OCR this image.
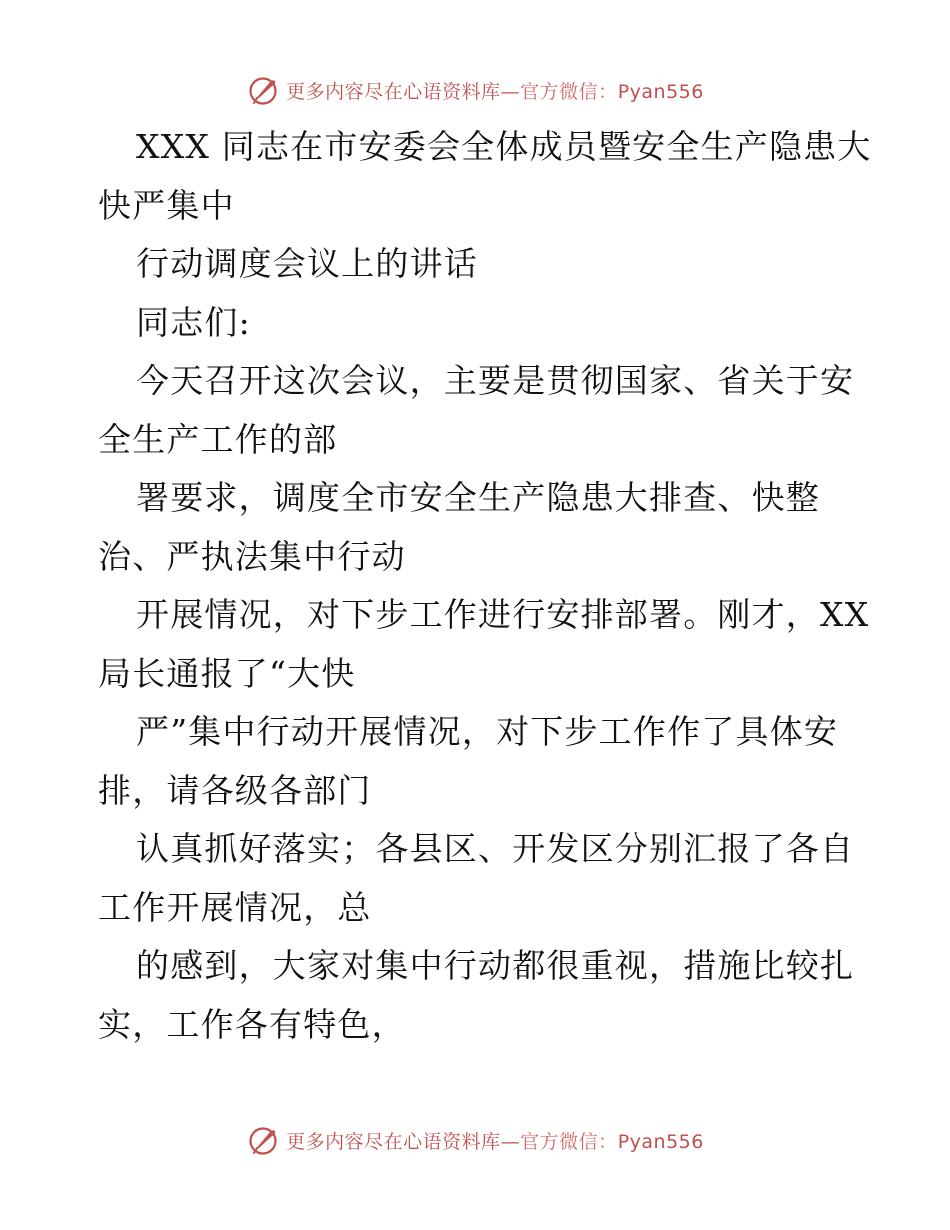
更多内容尽在心语资料库—官方微信：Pyan556
XXX 同志在市安委会全体成员暨安全生产隐患大
快严集中
行动调度会议上的讲话
同志们:
今天召开这次会议，主要是贯彻国家、省关于安
全生产工作的部
署要求，调度全市安全生产隐患大排查、快整
治、严执法集中行动
开展情况，对下步工作进行安排部署。刚才，XX
局长通报了“大快
严”集中行动开展情况，对下步工作作了具体安
排，请各级各部门
认真抓好落实；各县区、开发区分别汇报了各自
工作开展情况，总
的感到，大家对集中行动都很重视，措施比较扎
实，工作各有特色，
更多内容尽在心语资料库—官方微信：Pyan556
